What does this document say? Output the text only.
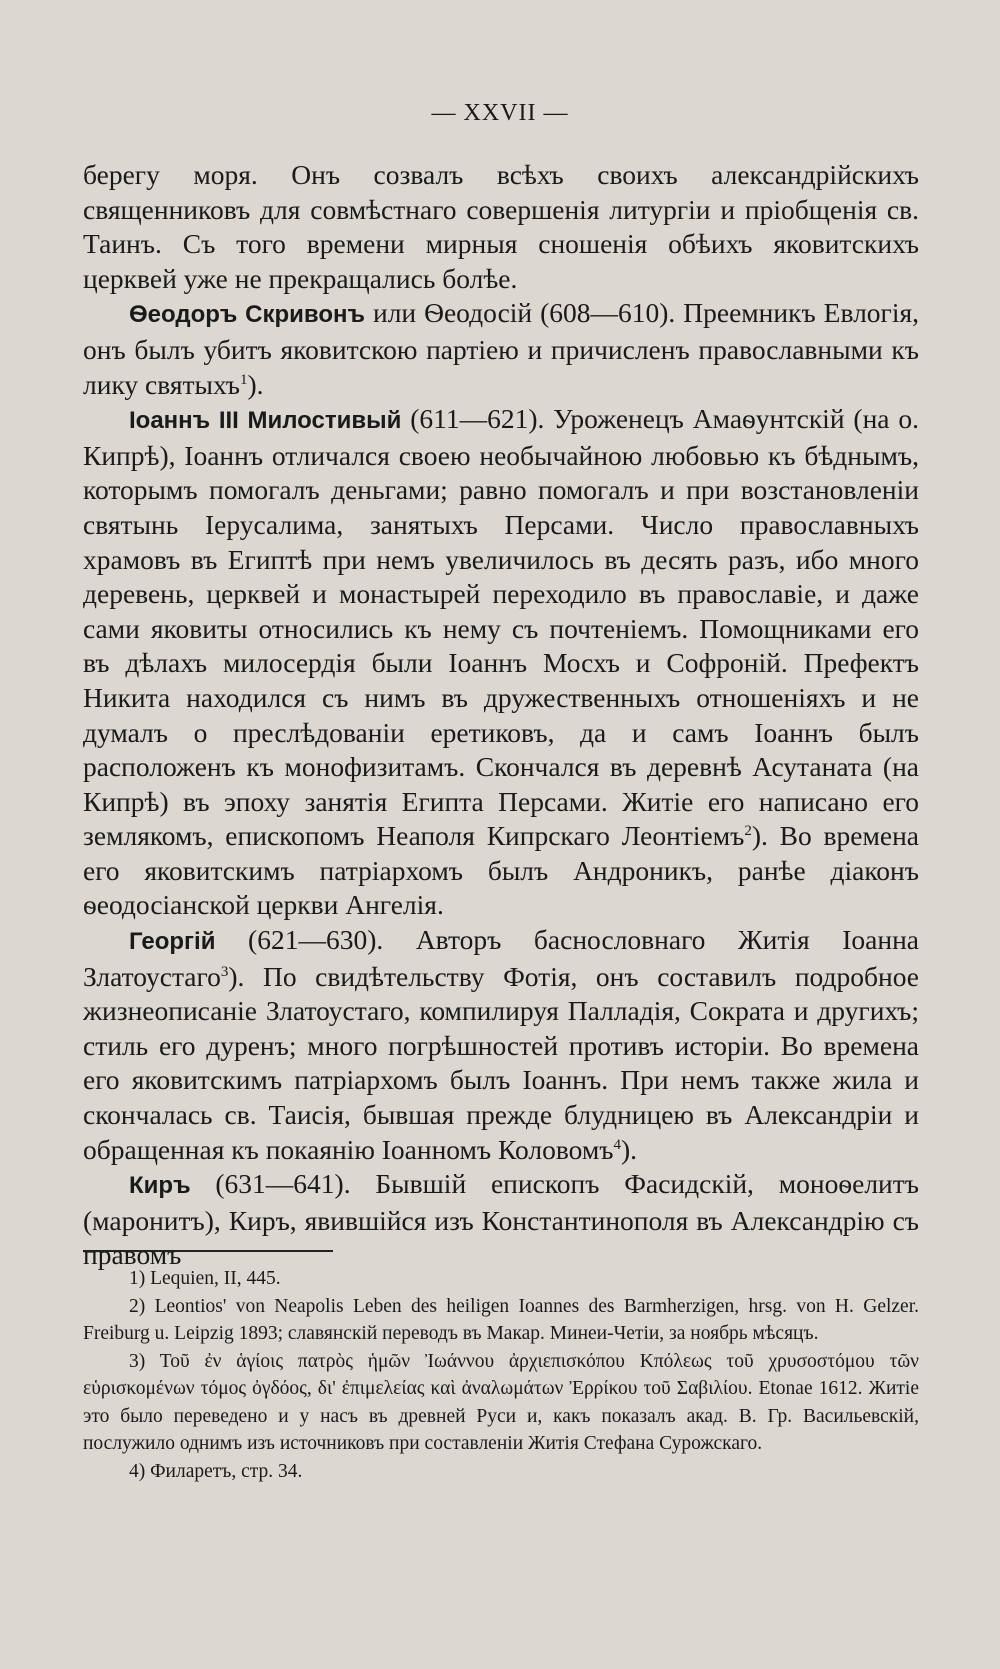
— XXVII —

берегу моря. Онъ созвалъ всѣхъ своихъ александрійскихъ священниковъ для совмѣстнаго совершенія литургіи и пріобщенія св. Таинъ. Съ того времени мирныя сношенія обѣихъ яковитскихъ церквей уже не прекращались болѣе.

Ѳеодоръ Скривонъ или Ѳеодосій (608—610). Преемникъ Евлогія, онъ былъ убитъ яковитскою партіею и причисленъ православными къ лику святыхъ$^1$).

Іоаннъ III Милостивый (611—621). Уроженецъ Амаѳунтскій (на о. Кипрѣ), Іоаннъ отличался своею необычайною любовью къ бѣднымъ, которымъ помогалъ деньгами; равно помогалъ и при возстановленіи святынь Іерусалима, занятыхъ Персами. Число православныхъ храмовъ въ Египтѣ при немъ увеличилось въ десять разъ, ибо много деревень, церквей и монастырей переходило въ православіе, и даже сами яковиты относились къ нему съ почтеніемъ. Помощниками его въ дѣлахъ милосердія были Іоаннъ Мосхъ и Софроній. Префектъ Никита находился съ нимъ въ дружественныхъ отношеніяхъ и не думалъ о преслѣдованіи еретиковъ, да и самъ Іоаннъ былъ расположенъ къ монофизитамъ. Скончался въ деревнѣ Асутаната (на Кипрѣ) въ эпоху занятія Египта Персами. Житіе его написано его землякомъ, епископомъ Неаполя Кипрскаго Леонтіемъ$^2$). Во времена его яковитскимъ патріархомъ былъ Андроникъ, ранѣе діаконъ ѳеодосіанской церкви Ангелія.

Георгій (621—630). Авторъ баснословнаго Житія Іоанна Златоустаго$^3$). По свидѣтельству Фотія, онъ составилъ подробное жизнеописаніе Златоустаго, компилируя Палладія, Сократа и другихъ; стиль его дуренъ; много погрѣшностей противъ исторіи. Во времена его яковитскимъ патріархомъ былъ Іоаннъ. При немъ также жила и скончалась св. Таисія, бывшая прежде блудницею въ Александріи и обращенная къ покаянію Іоанномъ Коловомъ$^4$).

Киръ (631—641). Бывшій епископъ Фасидскій, моноѳелитъ (маронитъ), Киръ, явившійся изъ Константинополя въ Александрію съ правомъ

1) Lequien, II, 445.

2) Leontios' von Neapolis Leben des heiligen Ioannes des Barmherzigen, hrsg. von H. Gelzer. Freiburg u. Leipzig 1893; славянскій переводъ въ Макар. Минеи-Четіи, за ноябрь мѣсяцъ.

3) Τοῦ ἐν ἁγίοις πατρὸς ἡμῶν Ἰωάννου ἀρχιεπισκόπου Κπόλεως τοῦ χρυσοστόμου τῶν εὑρισκομένων τόμος ὀγδόος, δι' ἐπιμελείας καὶ ἀναλωμάτων Ἐρρίκου τοῦ Σαβιλίου. Etonae 1612. Житіе это было переведено и у насъ въ древней Руси и, какъ показалъ акад. В. Гр. Васильевскій, послужило однимъ изъ источниковъ при составленіи Житія Стефана Сурожскаго.

4) Филаретъ, стр. 34.
